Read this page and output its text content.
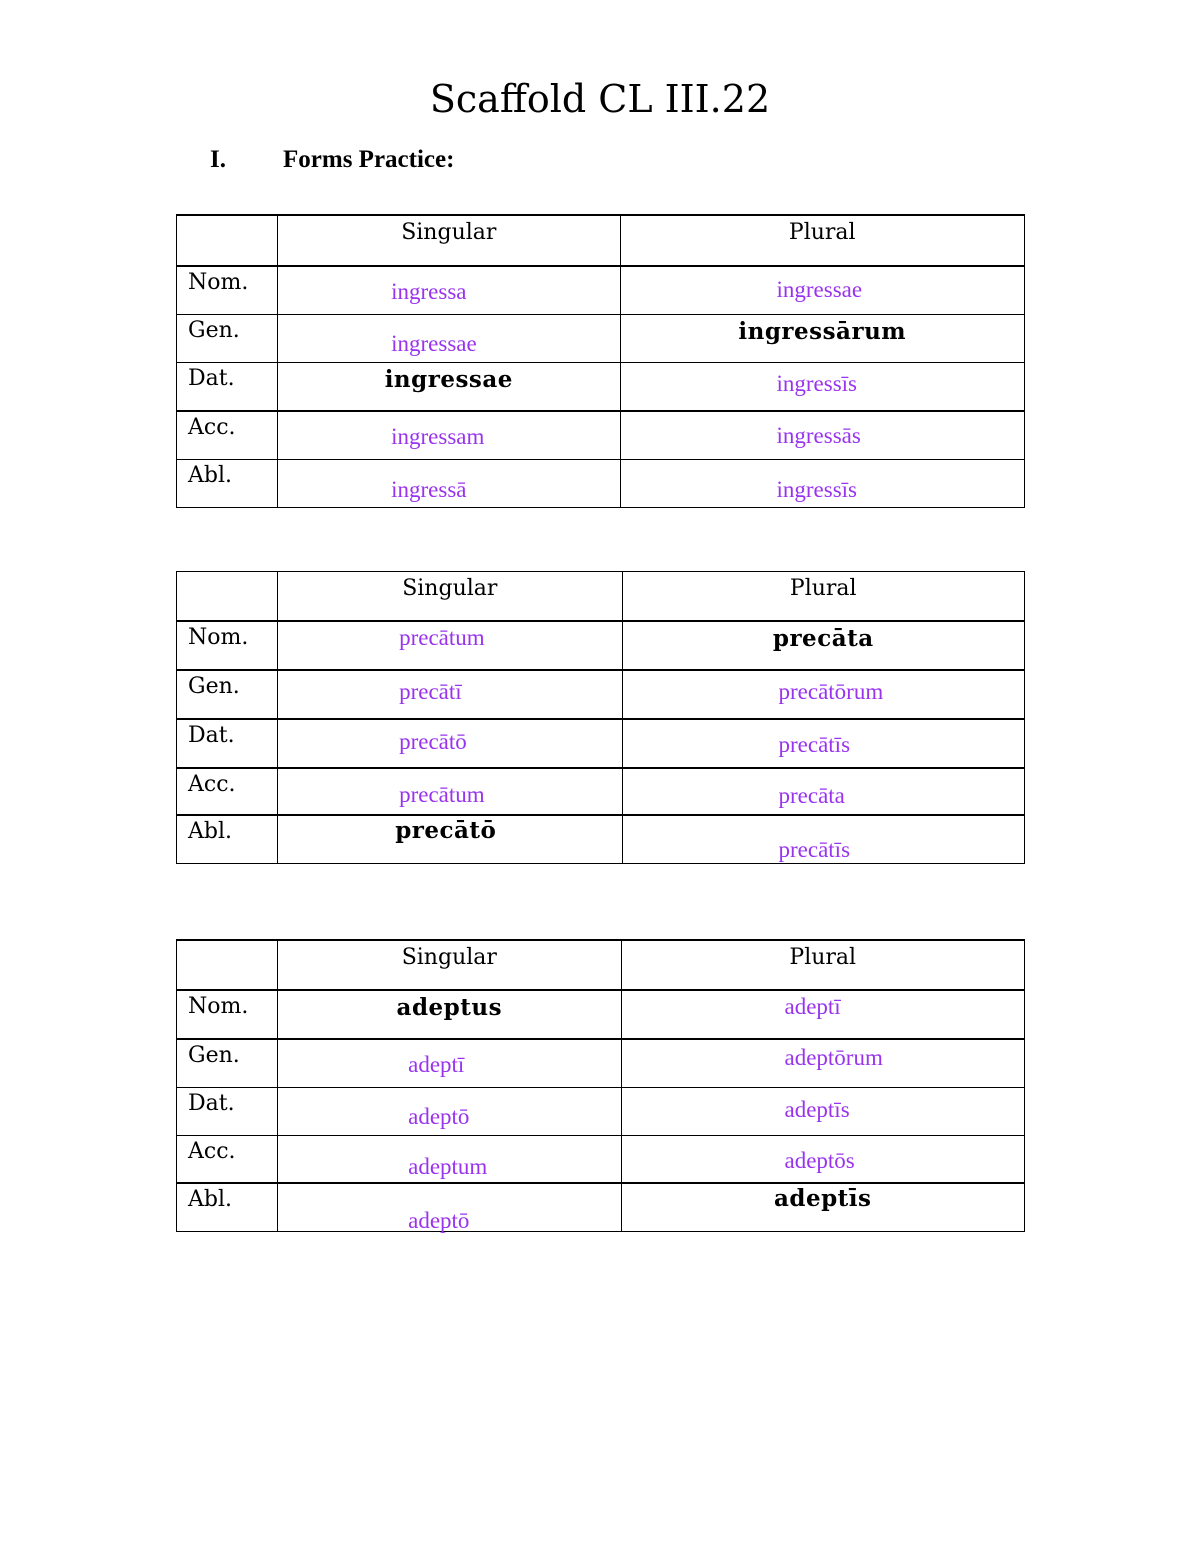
Scaffold CL III.22
I. Forms Practice:

	Singular	Plural

Nom.	ingressa	ingressae

Gen.	ingressae	ingressārum

Dat.	ingressae	ingressīs

Acc.	ingressam	ingressās

Abl.	ingressā	ingressīs

	Singular	Plural

Nom.	precātum	precāta

Gen.	precātī	precātōrum

Dat.	precātō	precātīs

Acc.	precātum	precāta

Abl.	precātō	precātīs

	Singular	Plural

Nom.	adeptus	adeptī

Gen.	adeptī	adeptōrum

Dat.	adeptō	adeptīs

Acc.	adeptum	adeptōs

Abl.	adeptō	adeptīs
